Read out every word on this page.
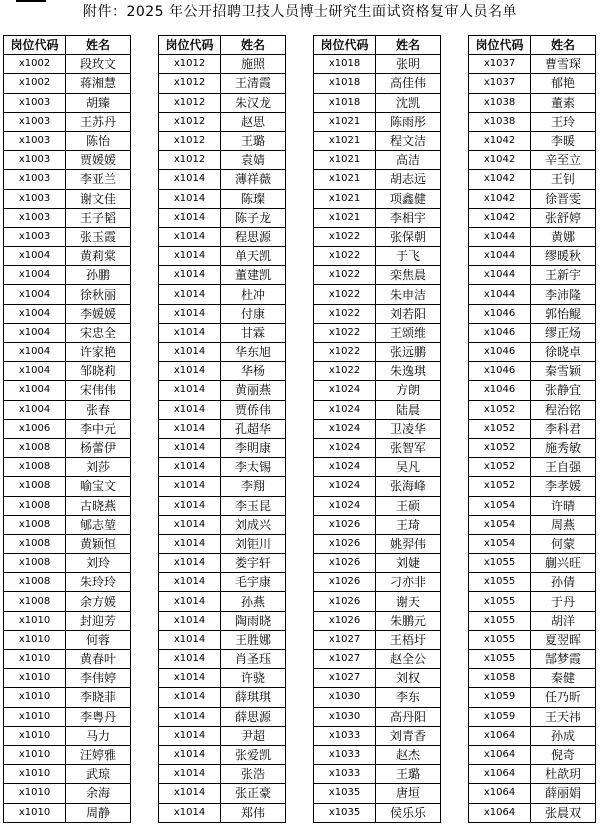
附件：2025 年公开招聘卫技人员博士研究生面试资格复审人员名单
岗位代码	姓名
x1002	段玫文
x1002	蒋湘慧
x1003	胡臻
x1003	王苏丹
x1003	陈怡
x1003	贾媛媛
x1003	李亚兰
x1003	谢文佳
x1003	王子韬
x1003	张玉霞
x1004	黄莉棠
x1004	孙鹏
x1004	徐秋丽
x1004	李媛媛
x1004	宋忠全
x1004	许家艳
x1004	邹晓莉
x1004	宋伟伟
x1004	张春
x1006	李中元
x1008	杨蕾伊
x1008	刘莎
x1008	喻宝文
x1008	古晓燕
x1008	郇志堃
x1008	黄颖恒
x1008	刘玲
x1008	朱玲玲
x1008	余方媛
x1010	封迎芳
x1010	何蓉
x1010	黄春叶
x1010	李伟婷
x1010	李晓菲
x1010	李粤丹
x1010	马力
x1010	汪婷雅
x1010	武琼
x1010	余海
x1010	周静
岗位代码	姓名
x1012	施照
x1012	王清霞
x1012	朱汉龙
x1012	赵思
x1012	王璐
x1012	袁婧
x1014	薄祥薇
x1014	陈璨
x1014	陈子龙
x1014	程思源
x1014	单天凯
x1014	董建凯
x1014	杜冲
x1014	付康
x1014	甘霖
x1014	华东旭
x1014	华杨
x1014	黄丽燕
x1014	贾侨伟
x1014	孔超华
x1014	李明康
x1014	李太锡
x1014	李翔
x1014	李玉昆
x1014	刘成兴
x1014	刘钜川
x1014	娄宇轩
x1014	毛宇康
x1014	孙燕
x1014	陶雨晓
x1014	王胜娜
x1014	肖圣珏
x1014	许骁
x1014	薛琪琪
x1014	薛思源
x1014	尹超
x1014	张爱凯
x1014	张浩
x1014	张正豪
x1014	郑伟
岗位代码	姓名
x1018	张明
x1018	高佳伟
x1018	沈凯
x1021	陈雨彤
x1021	程文洁
x1021	高洁
x1021	胡志远
x1021	项鑫健
x1021	李相宇
x1022	张保朝
x1022	于飞
x1022	栾焦晨
x1022	朱申洁
x1022	刘若阳
x1022	王颂维
x1022	张远鹏
x1022	朱逸琪
x1024	方朗
x1024	陆晨
x1024	卫凌华
x1024	张智军
x1024	吴凡
x1024	张海峰
x1024	王硕
x1026	王琦
x1026	姚羿伟
x1026	刘婕
x1026	刁亦非
x1026	谢天
x1026	朱鹏元
x1027	王梧圩
x1027	赵全公
x1027	刘权
x1030	李东
x1030	高丹阳
x1033	刘青香
x1033	赵杰
x1033	王璐
x1035	唐垣
x1035	侯乐乐
岗位代码	姓名
x1037	曹雪琛
x1037	郁艳
x1038	董素
x1038	王玲
x1042	李暖
x1042	辛至立
x1042	王钊
x1042	徐晋雯
x1042	张舒婷
x1044	黄娜
x1044	缪暖秋
x1044	王新宇
x1044	李沛隆
x1046	郭怡鲲
x1046	缪正炀
x1046	徐晓卓
x1046	秦雪颖
x1046	张静宜
x1052	程治铭
x1052	李科君
x1052	施秀敏
x1052	王自强
x1052	李孝媛
x1054	许晴
x1054	周燕
x1054	何蒙
x1055	蒯兴旺
x1055	孙倩
x1055	于丹
x1055	胡洋
x1055	夏翌晖
x1055	郜梦霞
x1058	秦健
x1059	任乃昕
x1059	王天祎
x1064	孙成
x1064	倪奇
x1064	杜歆玥
x1064	薛丽娟
x1064	张晨双
